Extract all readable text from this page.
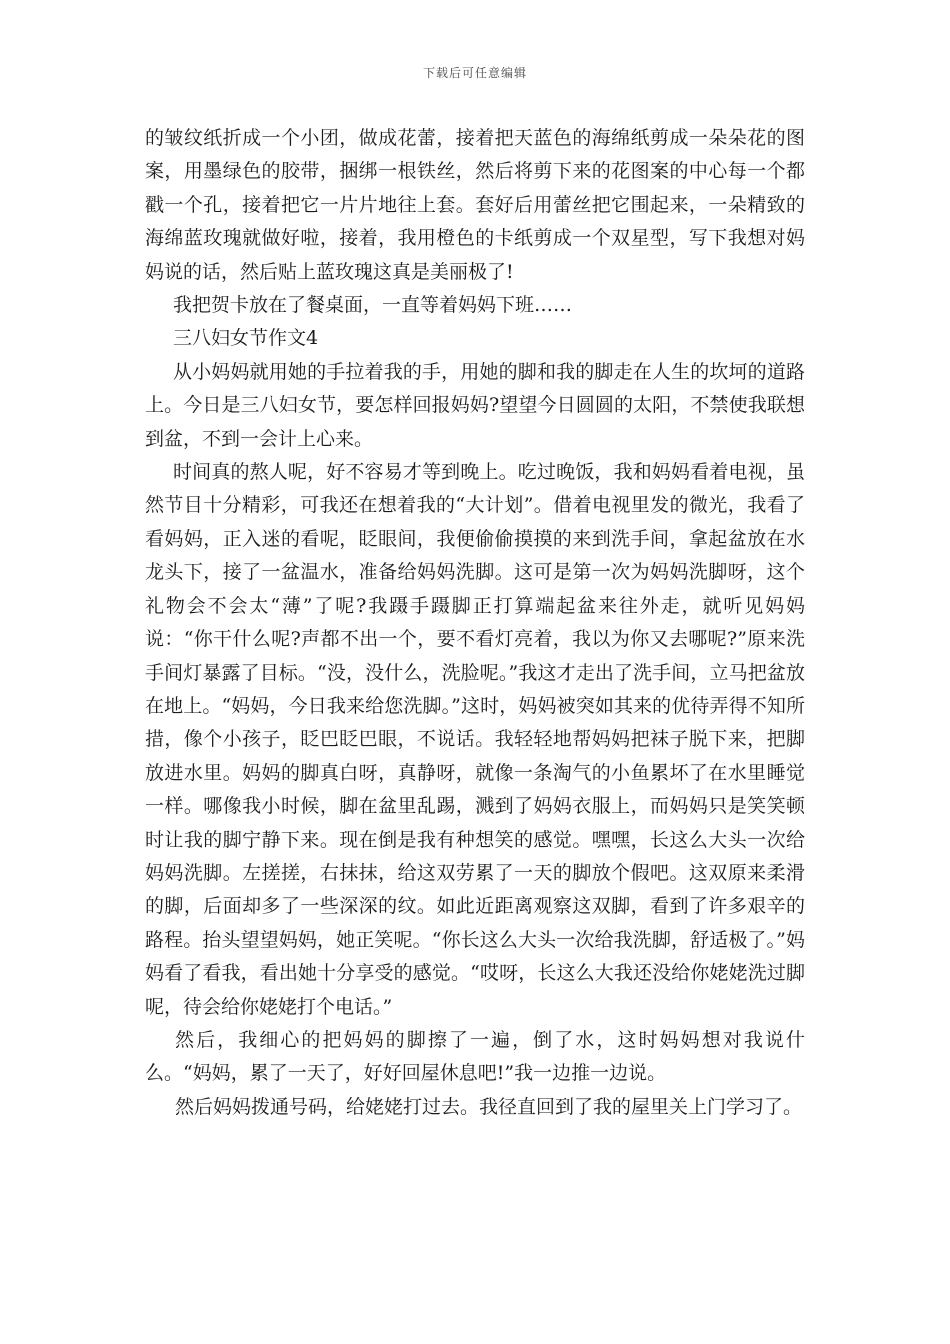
下载后可任意编辑

的皱纹纸折成一个小团，做成花蕾，接着把天蓝色的海绵纸剪成一朵朵花的图案，用墨绿色的胶带，捆绑一根铁丝，然后将剪下来的花图案的中心每一个都戳一个孔，接着把它一片片地往上套。套好后用蕾丝把它围起来，一朵精致的海绵蓝玫瑰就做好啦，接着，我用橙色的卡纸剪成一个双星型，写下我想对妈妈说的话，然后贴上蓝玫瑰这真是美丽极了!

我把贺卡放在了餐桌面，一直等着妈妈下班……

三八妇女节作文4

从小妈妈就用她的手拉着我的手，用她的脚和我的脚走在人生的坎坷的道路上。今日是三八妇女节，要怎样回报妈妈?望望今日圆圆的太阳，不禁使我联想到盆，不到一会计上心来。

时间真的熬人呢，好不容易才等到晚上。吃过晚饭，我和妈妈看着电视，虽然节目十分精彩，可我还在想着我的“大计划”。借着电视里发的微光，我看了看妈妈，正入迷的看呢，眨眼间，我便偷偷摸摸的来到洗手间，拿起盆放在水龙头下，接了一盆温水，准备给妈妈洗脚。这可是第一次为妈妈洗脚呀，这个礼物会不会太“薄”了呢?我蹑手蹑脚正打算端起盆来往外走，就听见妈妈说：“你干什么呢?声都不出一个，要不看灯亮着，我以为你又去哪呢?”原来洗手间灯暴露了目标。“没，没什么，洗脸呢。”我这才走出了洗手间，立马把盆放在地上。“妈妈，今日我来给您洗脚。”这时，妈妈被突如其来的优待弄得不知所措，像个小孩子，眨巴眨巴眼，不说话。我轻轻地帮妈妈把袜子脱下来，把脚放进水里。妈妈的脚真白呀，真静呀，就像一条淘气的小鱼累坏了在水里睡觉一样。哪像我小时候，脚在盆里乱踢，溅到了妈妈衣服上，而妈妈只是笑笑顿时让我的脚宁静下来。现在倒是我有种想笑的感觉。嘿嘿，长这么大头一次给妈妈洗脚。左搓搓，右抹抹，给这双劳累了一天的脚放个假吧。这双原来柔滑的脚，后面却多了一些深深的纹。如此近距离观察这双脚，看到了许多艰辛的路程。抬头望望妈妈，她正笑呢。“你长这么大头一次给我洗脚，舒适极了。”妈妈看了看我，看出她十分享受的感觉。“哎呀，长这么大我还没给你姥姥洗过脚呢，待会给你姥姥打个电话。”

然后，我细心的把妈妈的脚擦了一遍，倒了水，这时妈妈想对我说什么。“妈妈，累了一天了，好好回屋休息吧!”我一边推一边说。

然后妈妈拨通号码，给姥姥打过去。我径直回到了我的屋里关上门学习了。
